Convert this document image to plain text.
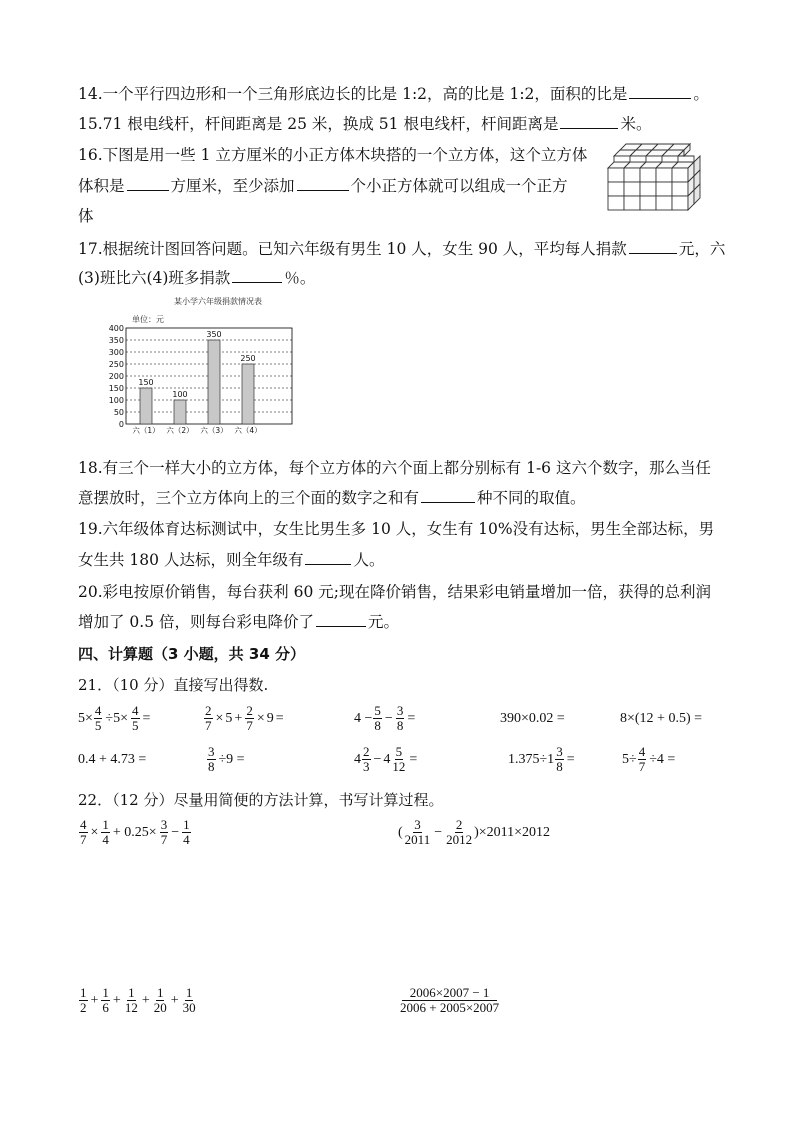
14.一个平行四边形和一个三角形底边长的比是 1:2，高的比是 1:2，面积的比是	。
15.71 根电线杆，杆间距离是 25 米，换成 51 根电线杆，杆间距离是	米。
16.下图是用一些 1 立方厘米的小正方体木块搭的一个立方体，这个立方体
体积是	方厘米，至少添加	个小正方体就可以组成一个正方
体
17.根据统计图回答问题。已知六年级有男生 10 人，女生 90 人，平均每人捐款	元，六
(3)班比六(4)班多捐款	％。
某小学六年级捐款情况表
单位：元
150
100
350
250
0
50
100
150
200
250
300
350
400
六（1） 六（2） 六（3） 六（4）
18.有三个一样大小的立方体，每个立方体的六个面上都分别标有 1-6 这六个数字，那么当任
意摆放时，三个立方体向上的三个面的数字之和有	种不同的取值。
19.六年级体育达标测试中，女生比男生多 10 人，女生有 10%没有达标，男生全部达标，男
女生共 180 人达标，则全年级有	人。
20.彩电按原价销售，每台获利 60 元;现在降价销售，结果彩电销量增加一倍，获得的总利润
增加了 0.5 倍，则每台彩电降价了	元。
四、计算题（3 小题，共 34 分）
21．（10 分）直接写出得数.
$5\times \frac{4}{5} \div 5\times \frac{4}{5}$ =	$\frac{2}{7} \times 5 + \frac{2}{7} \times 9$ =	$4 - \frac{5}{8} - \frac{3}{8}$ =	390×0.02 =	8×(12 + 0.5) =
0.4 + 4.73 =	$\frac{3}{8} \div 9$ =	$4 \frac{2}{3} - 4 \frac{5}{12}$ =	$1.375\div 1 \frac{3}{8}$ =	$5\div \frac{4}{7} \div 4$ =
22．（12 分）尽量用简便的方法计算，书写计算过程。
$\frac{4}{7} \times \frac{1}{4} + 0.25\times \frac{3}{7} - \frac{1}{4}$	( $\frac{3}{2011} - \frac{2}{2012}$ ) ×2011×2012
$\frac{1}{2} + \frac{1}{6} + \frac{1}{12} + \frac{1}{20} + \frac{1}{30}$	$\frac{2006\times 2007 - 1}{2006 + 2005\times 2007}$
